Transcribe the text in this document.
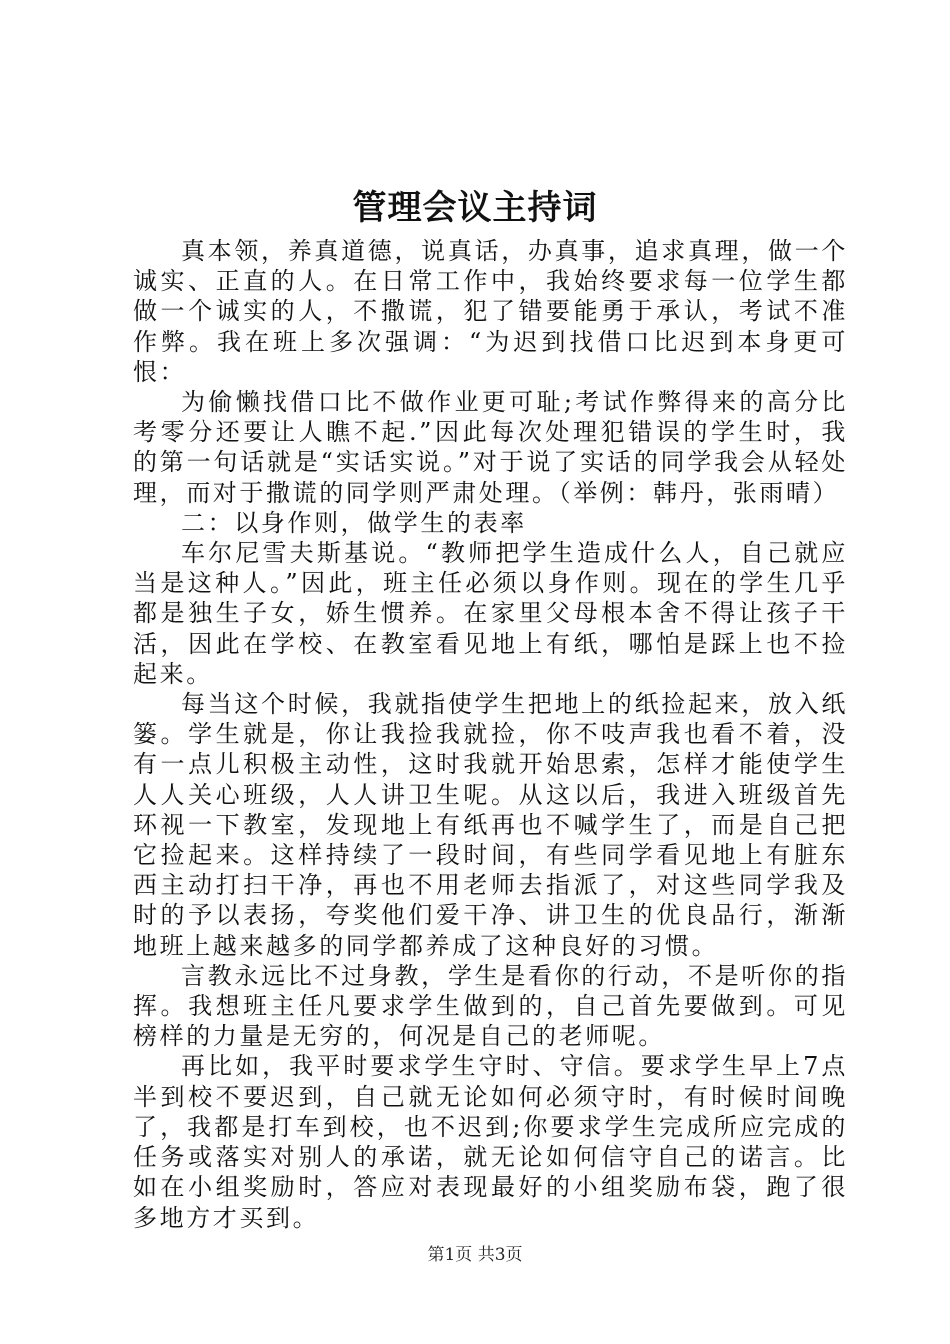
管理会议主持词

真本领，养真道德，说真话，办真事，追求真理，做一个诚实、正直的人。在日常工作中，我始终要求每一位学生都做一个诚实的人，不撒谎，犯了错要能勇于承认，考试不准作弊。我在班上多次强调：“为迟到找借口比迟到本身更可恨：

为偷懒找借口比不做作业更可耻;考试作弊得来的高分比考零分还要让人瞧不起.”因此每次处理犯错误的学生时，我的第一句话就是“实话实说。”对于说了实话的同学我会从轻处理，而对于撒谎的同学则严肃处理。（举例：韩丹，张雨晴）

二：以身作则，做学生的表率

车尔尼雪夫斯基说。“教师把学生造成什么人，自己就应当是这种人。”因此，班主任必须以身作则。现在的学生几乎都是独生子女，娇生惯养。在家里父母根本舍不得让孩子干活，因此在学校、在教室看见地上有纸，哪怕是踩上也不捡起来。

每当这个时候，我就指使学生把地上的纸捡起来，放入纸篓。学生就是，你让我捡我就捡，你不吱声我也看不着，没有一点儿积极主动性，这时我就开始思索，怎样才能使学生人人关心班级，人人讲卫生呢。从这以后，我进入班级首先环视一下教室，发现地上有纸再也不喊学生了，而是自己把它捡起来。这样持续了一段时间，有些同学看见地上有脏东西主动打扫干净，再也不用老师去指派了，对这些同学我及时的予以表扬，夸奖他们爱干净、讲卫生的优良品行，渐渐地班上越来越多的同学都养成了这种良好的习惯。

言教永远比不过身教，学生是看你的行动，不是听你的指挥。我想班主任凡要求学生做到的，自己首先要做到。可见榜样的力量是无穷的，何况是自己的老师呢。

再比如，我平时要求学生守时、守信。要求学生早上7点半到校不要迟到，自己就无论如何必须守时，有时候时间晚了，我都是打车到校，也不迟到;你要求学生完成所应完成的任务或落实对别人的承诺，就无论如何信守自己的诺言。比如在小组奖励时，答应对表现最好的小组奖励布袋，跑了很多地方才买到。

第1页 共3页
